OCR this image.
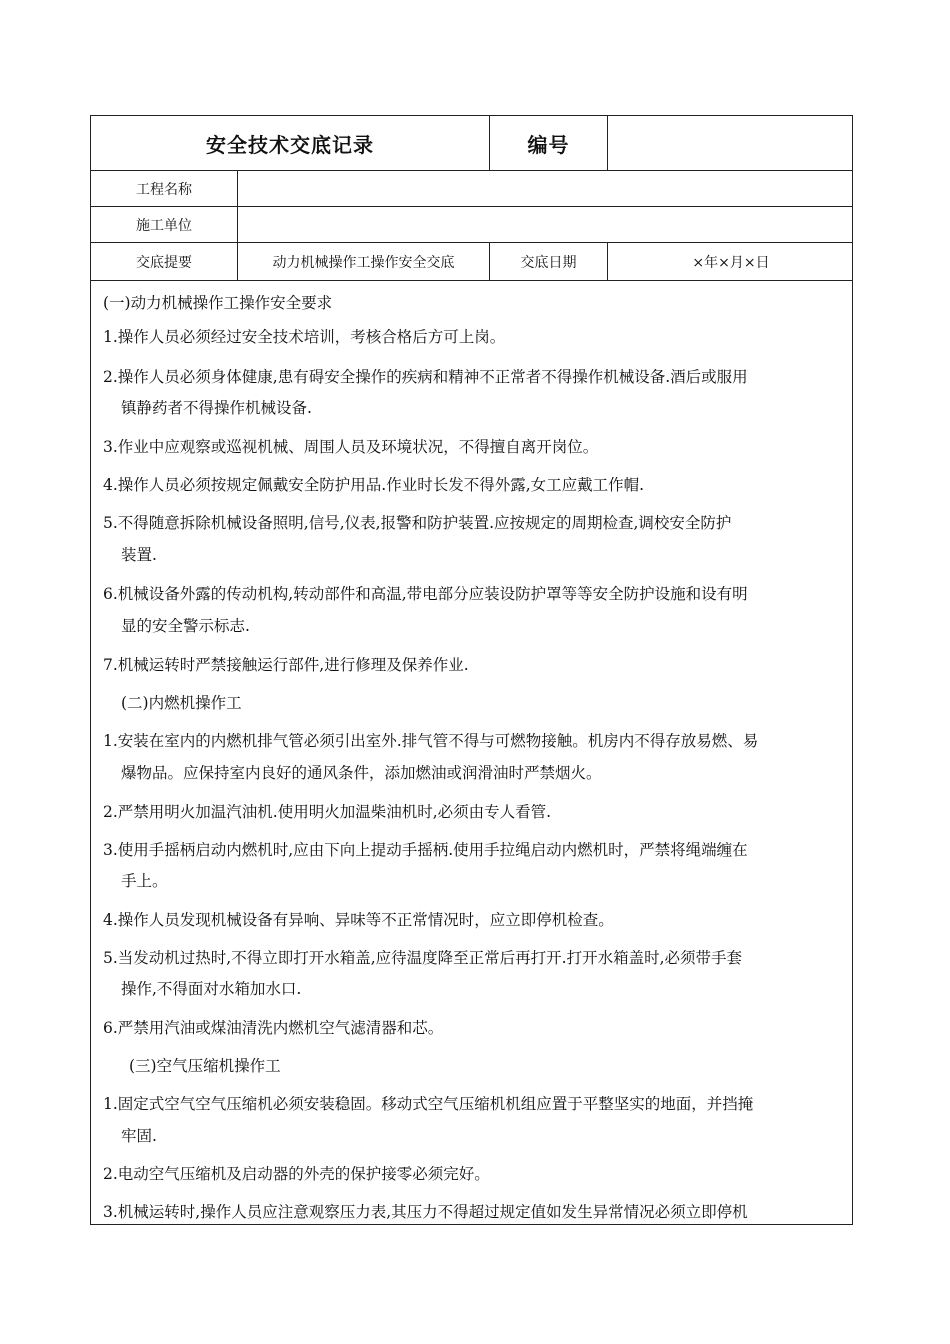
安全技术交底记录	编号
工程名称
施工单位
交底提要	动力机械操作工操作安全交底	交底日期	×年×月×日
(一)动力机械操作工操作安全要求
1.操作人员必须经过安全技术培训，考核合格后方可上岗。
2.操作人员必须身体健康,患有碍安全操作的疾病和精神不正常者不得操作机械设备.酒后或服用
镇静药者不得操作机械设备.
3.作业中应观察或巡视机械、周围人员及环境状况，不得擅自离开岗位。
4.操作人员必须按规定佩戴安全防护用品.作业时长发不得外露,女工应戴工作帽.
5.不得随意拆除机械设备照明,信号,仪表,报警和防护装置.应按规定的周期检查,调校安全防护
装置.
6.机械设备外露的传动机构,转动部件和高温,带电部分应装设防护罩等等安全防护设施和设有明
显的安全警示标志.
7.机械运转时严禁接触运行部件,进行修理及保养作业.
(二)内燃机操作工
1.安装在室内的内燃机排气管必须引出室外.排气管不得与可燃物接触。机房内不得存放易燃、易
爆物品。应保持室内良好的通风条件，添加燃油或润滑油时严禁烟火。
2.严禁用明火加温汽油机.使用明火加温柴油机时,必须由专人看管.
3.使用手摇柄启动内燃机时,应由下向上提动手摇柄.使用手拉绳启动内燃机时，严禁将绳端缠在
手上。
4.操作人员发现机械设备有异响、异味等不正常情况时，应立即停机检查。
5.当发动机过热时,不得立即打开水箱盖,应待温度降至正常后再打开.打开水箱盖时,必须带手套
操作,不得面对水箱加水口.
6.严禁用汽油或煤油清洗内燃机空气滤清器和芯。
(三)空气压缩机操作工
1.固定式空气空气压缩机必须安装稳固。移动式空气压缩机机组应置于平整坚实的地面，并挡掩
牢固.
2.电动空气压缩机及启动器的外壳的保护接零必须完好。
3.机械运转时,操作人员应注意观察压力表,其压力不得超过规定值如发生异常情况必须立即停机
